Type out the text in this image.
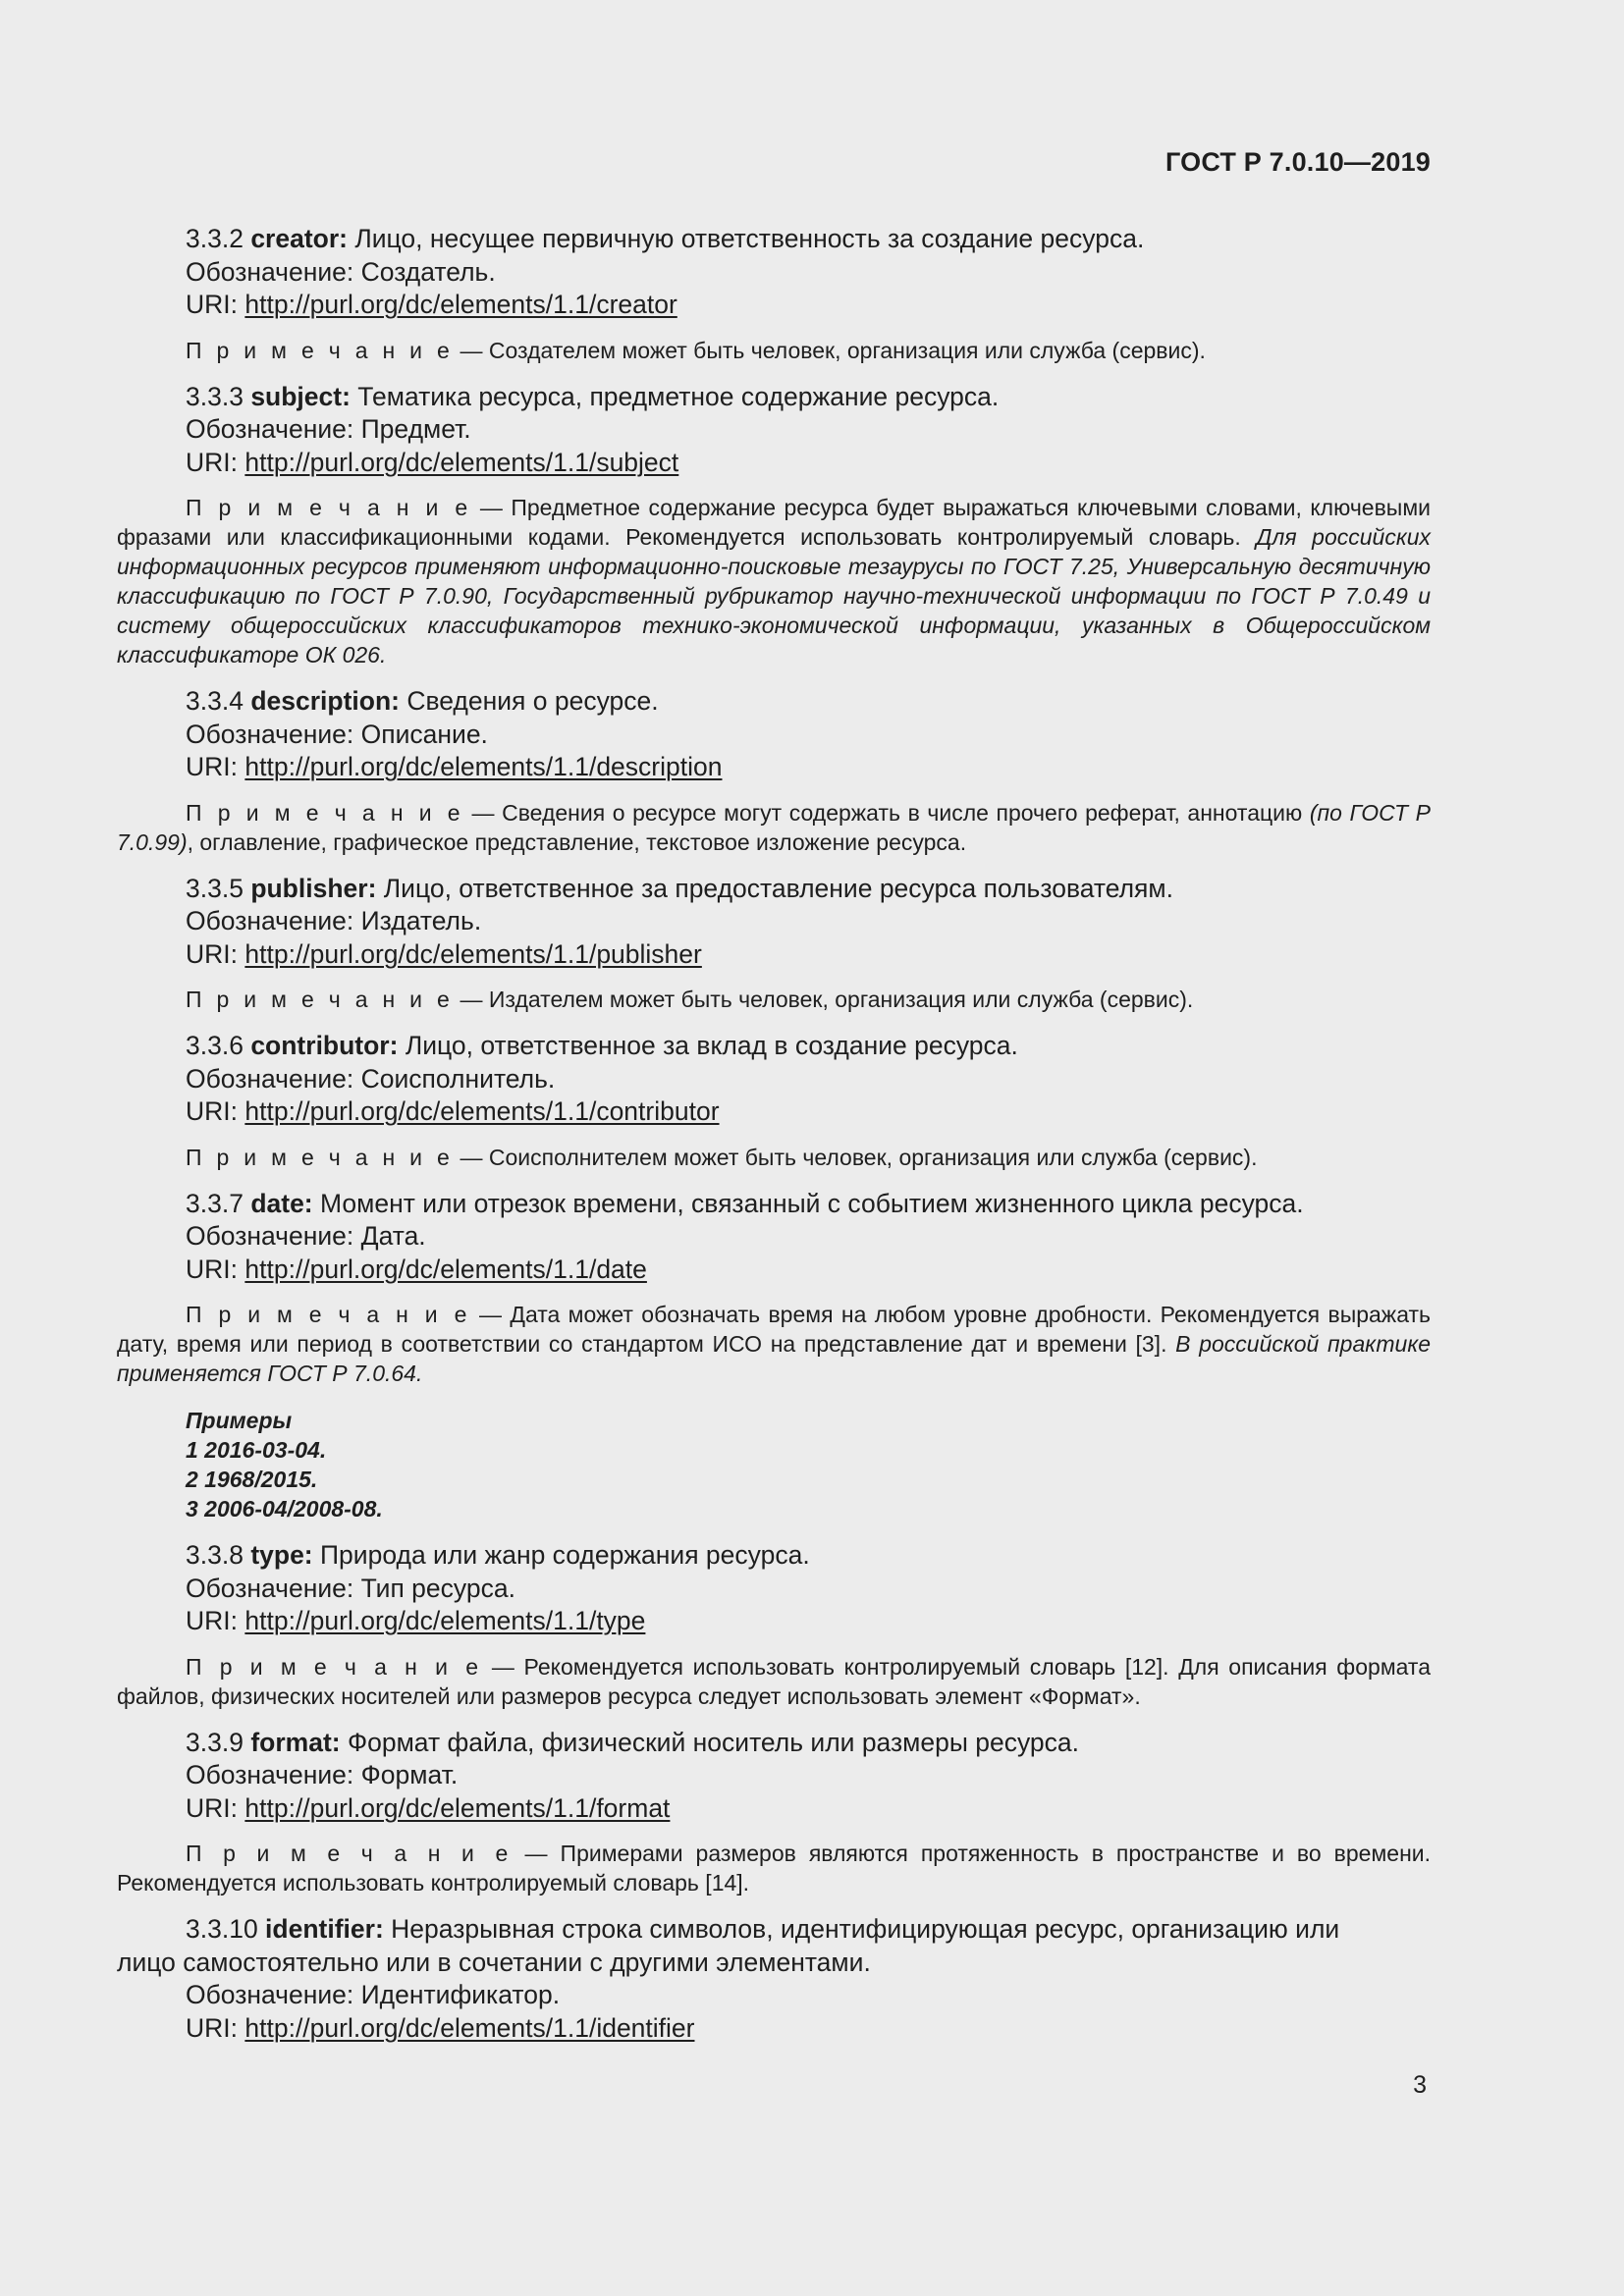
ГОСТ Р 7.0.10—2019
3.3.2 creator: Лицо, несущее первичную ответственность за создание ресурса.
Обозначение: Создатель.
URI: http://purl.org/dc/elements/1.1/creator

П р и м е ч а н и е — Создателем может быть человек, организация или служба (сервис).

3.3.3 subject: Тематика ресурса, предметное содержание ресурса.
Обозначение: Предмет.
URI: http://purl.org/dc/elements/1.1/subject

П р и м е ч а н и е — Предметное содержание ресурса будет выражаться ключевыми словами, ключевыми фразами или классификационными кодами. Рекомендуется использовать контролируемый словарь. Для российских информационных ресурсов применяют информационно-поисковые тезаурусы по ГОСТ 7.25, Универсальную десятичную классификацию по ГОСТ Р 7.0.90, Государственный рубрикатор научно-технической информации по ГОСТ Р 7.0.49 и систему общероссийских классификаторов технико-экономической информации, указанных в Общероссийском классификаторе ОК 026.

3.3.4 description: Сведения о ресурсе.
Обозначение: Описание.
URI: http://purl.org/dc/elements/1.1/description

П р и м е ч а н и е — Сведения о ресурсе могут содержать в числе прочего реферат, аннотацию (по ГОСТ Р 7.0.99), оглавление, графическое представление, текстовое изложение ресурса.

3.3.5 publisher: Лицо, ответственное за предоставление ресурса пользователям.
Обозначение: Издатель.
URI: http://purl.org/dc/elements/1.1/publisher

П р и м е ч а н и е — Издателем может быть человек, организация или служба (сервис).

3.3.6 contributor: Лицо, ответственное за вклад в создание ресурса.
Обозначение: Соисполнитель.
URI: http://purl.org/dc/elements/1.1/contributor

П р и м е ч а н и е — Соисполнителем может быть человек, организация или служба (сервис).

3.3.7 date: Момент или отрезок времени, связанный с событием жизненного цикла ресурса.
Обозначение: Дата.
URI: http://purl.org/dc/elements/1.1/date

П р и м е ч а н и е — Дата может обозначать время на любом уровне дробности. Рекомендуется выражать дату, время или период в соответствии со стандартом ИСО на представление дат и времени [3]. В российской практике применяется ГОСТ Р 7.0.64.

Примеры
1 2016-03-04.
2 1968/2015.
3 2006-04/2008-08.
3.3.8 type: Природа или жанр содержания ресурса.
Обозначение: Тип ресурса.
URI: http://purl.org/dc/elements/1.1/type

П р и м е ч а н и е — Рекомендуется использовать контролируемый словарь [12]. Для описания формата файлов, физических носителей или размеров ресурса следует использовать элемент «Формат».

3.3.9 format: Формат файла, физический носитель или размеры ресурса.
Обозначение: Формат.
URI: http://purl.org/dc/elements/1.1/format

П р и м е ч а н и е — Примерами размеров являются протяженность в пространстве и во времени. Рекомендуется использовать контролируемый словарь [14].

3.3.10 identifier: Неразрывная строка символов, идентифицирующая ресурс, организацию или
лицо самостоятельно или в сочетании с другими элементами.
Обозначение: Идентификатор.
URI: http://purl.org/dc/elements/1.1/identifier
3
